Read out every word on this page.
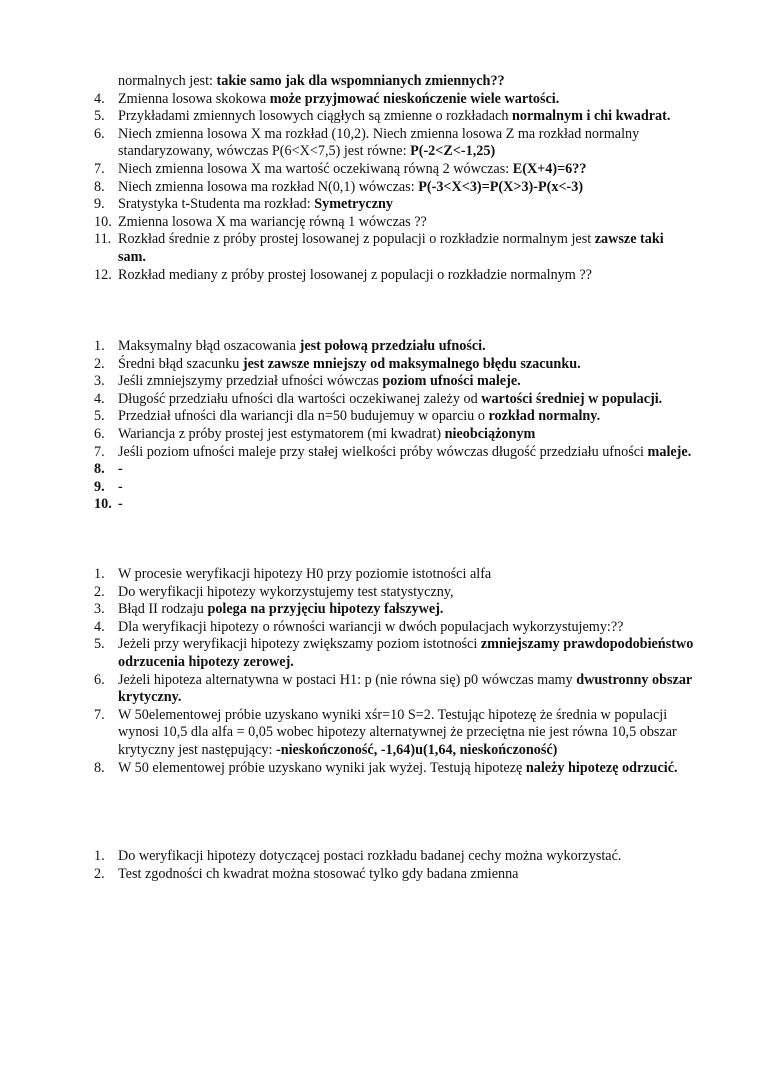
normalnych jest: takie samo jak dla wspomnianych zmiennych??
4. Zmienna losowa skokowa może przyjmować nieskończenie wiele wartości.
5. Przykładami zmiennych losowych ciągłych są zmienne o rozkładach normalnym i chi kwadrat.
6. Niech zmienna losowa X ma rozkład (10,2). Niech zmienna losowa Z ma rozkład normalny standaryzowany, wówczas P(6<X<7,5) jest równe: P(-2<Z<-1,25)
7. Niech zmienna losowa X ma wartość oczekiwaną równą 2 wówczas: E(X+4)=6??
8. Niech zmienna losowa ma rozkład N(0,1) wówczas: P(-3<X<3)=P(X>3)-P(x<-3)
9. Sratystyka t-Studenta ma rozkład: Symetryczny
10. Zmienna losowa X ma wariancję równą 1 wówczas ??
11. Rozkład średnie z próby prostej losowanej z populacji o rozkładzie normalnym jest zawsze taki sam.
12. Rozkład mediany z próby prostej losowanej z populacji o rozkładzie normalnym ??
1. Maksymalny błąd oszacowania jest połową przedziału ufności.
2. Średni błąd szacunku jest zawsze mniejszy od maksymalnego błędu szacunku.
3. Jeśli zmniejszymy przedział ufności wówczas poziom ufności maleje.
4. Długość przedziału ufności dla wartości oczekiwanej zależy od wartości średniej w populacji.
5. Przedział ufności dla wariancji dla n=50 budujemuy w oparciu o rozkład normalny.
6. Wariancja z próby prostej jest estymatorem (mi kwadrat) nieobciążonym
7. Jeśli poziom ufności maleje przy stałej wielkości próby wówczas długość przedziału ufności maleje.
8. -
9. -
10. -
1. W procesie weryfikacji hipotezy H0 przy poziomie istotności alfa
2. Do weryfikacji hipotezy wykorzystujemy test statystyczny,
3. Błąd II rodzaju polega na przyjęciu hipotezy fałszywej.
4. Dla weryfikacji hipotezy o równości wariancji w dwóch populacjach wykorzystujemy:??
5. Jeżeli przy weryfikacji hipotezy zwiększamy poziom istotności zmniejszamy prawdopodobieństwo odrzucenia hipotezy zerowej.
6. Jeżeli hipoteza alternatywna w postaci H1: p (nie równa się) p0 wówczas mamy dwustronny obszar krytyczny.
7. W 50elementowej próbie uzyskano wyniki xśr=10 S=2. Testując hipotezę że średnia w populacji wynosi 10,5 dla alfa = 0,05 wobec hipotezy alternatywnej że przeciętna nie jest równa 10,5 obszar krytyczny jest następujący: -nieskończoność, -1,64)u(1,64, nieskończoność)
8. W 50 elementowej próbie uzyskano wyniki jak wyżej. Testują hipotezę należy hipotezę odrzucić.
1. Do weryfikacji hipotezy dotyczącej postaci rozkładu badanej cechy można wykorzystać.
2. Test zgodności ch kwadrat można stosować tylko gdy badana zmienna
